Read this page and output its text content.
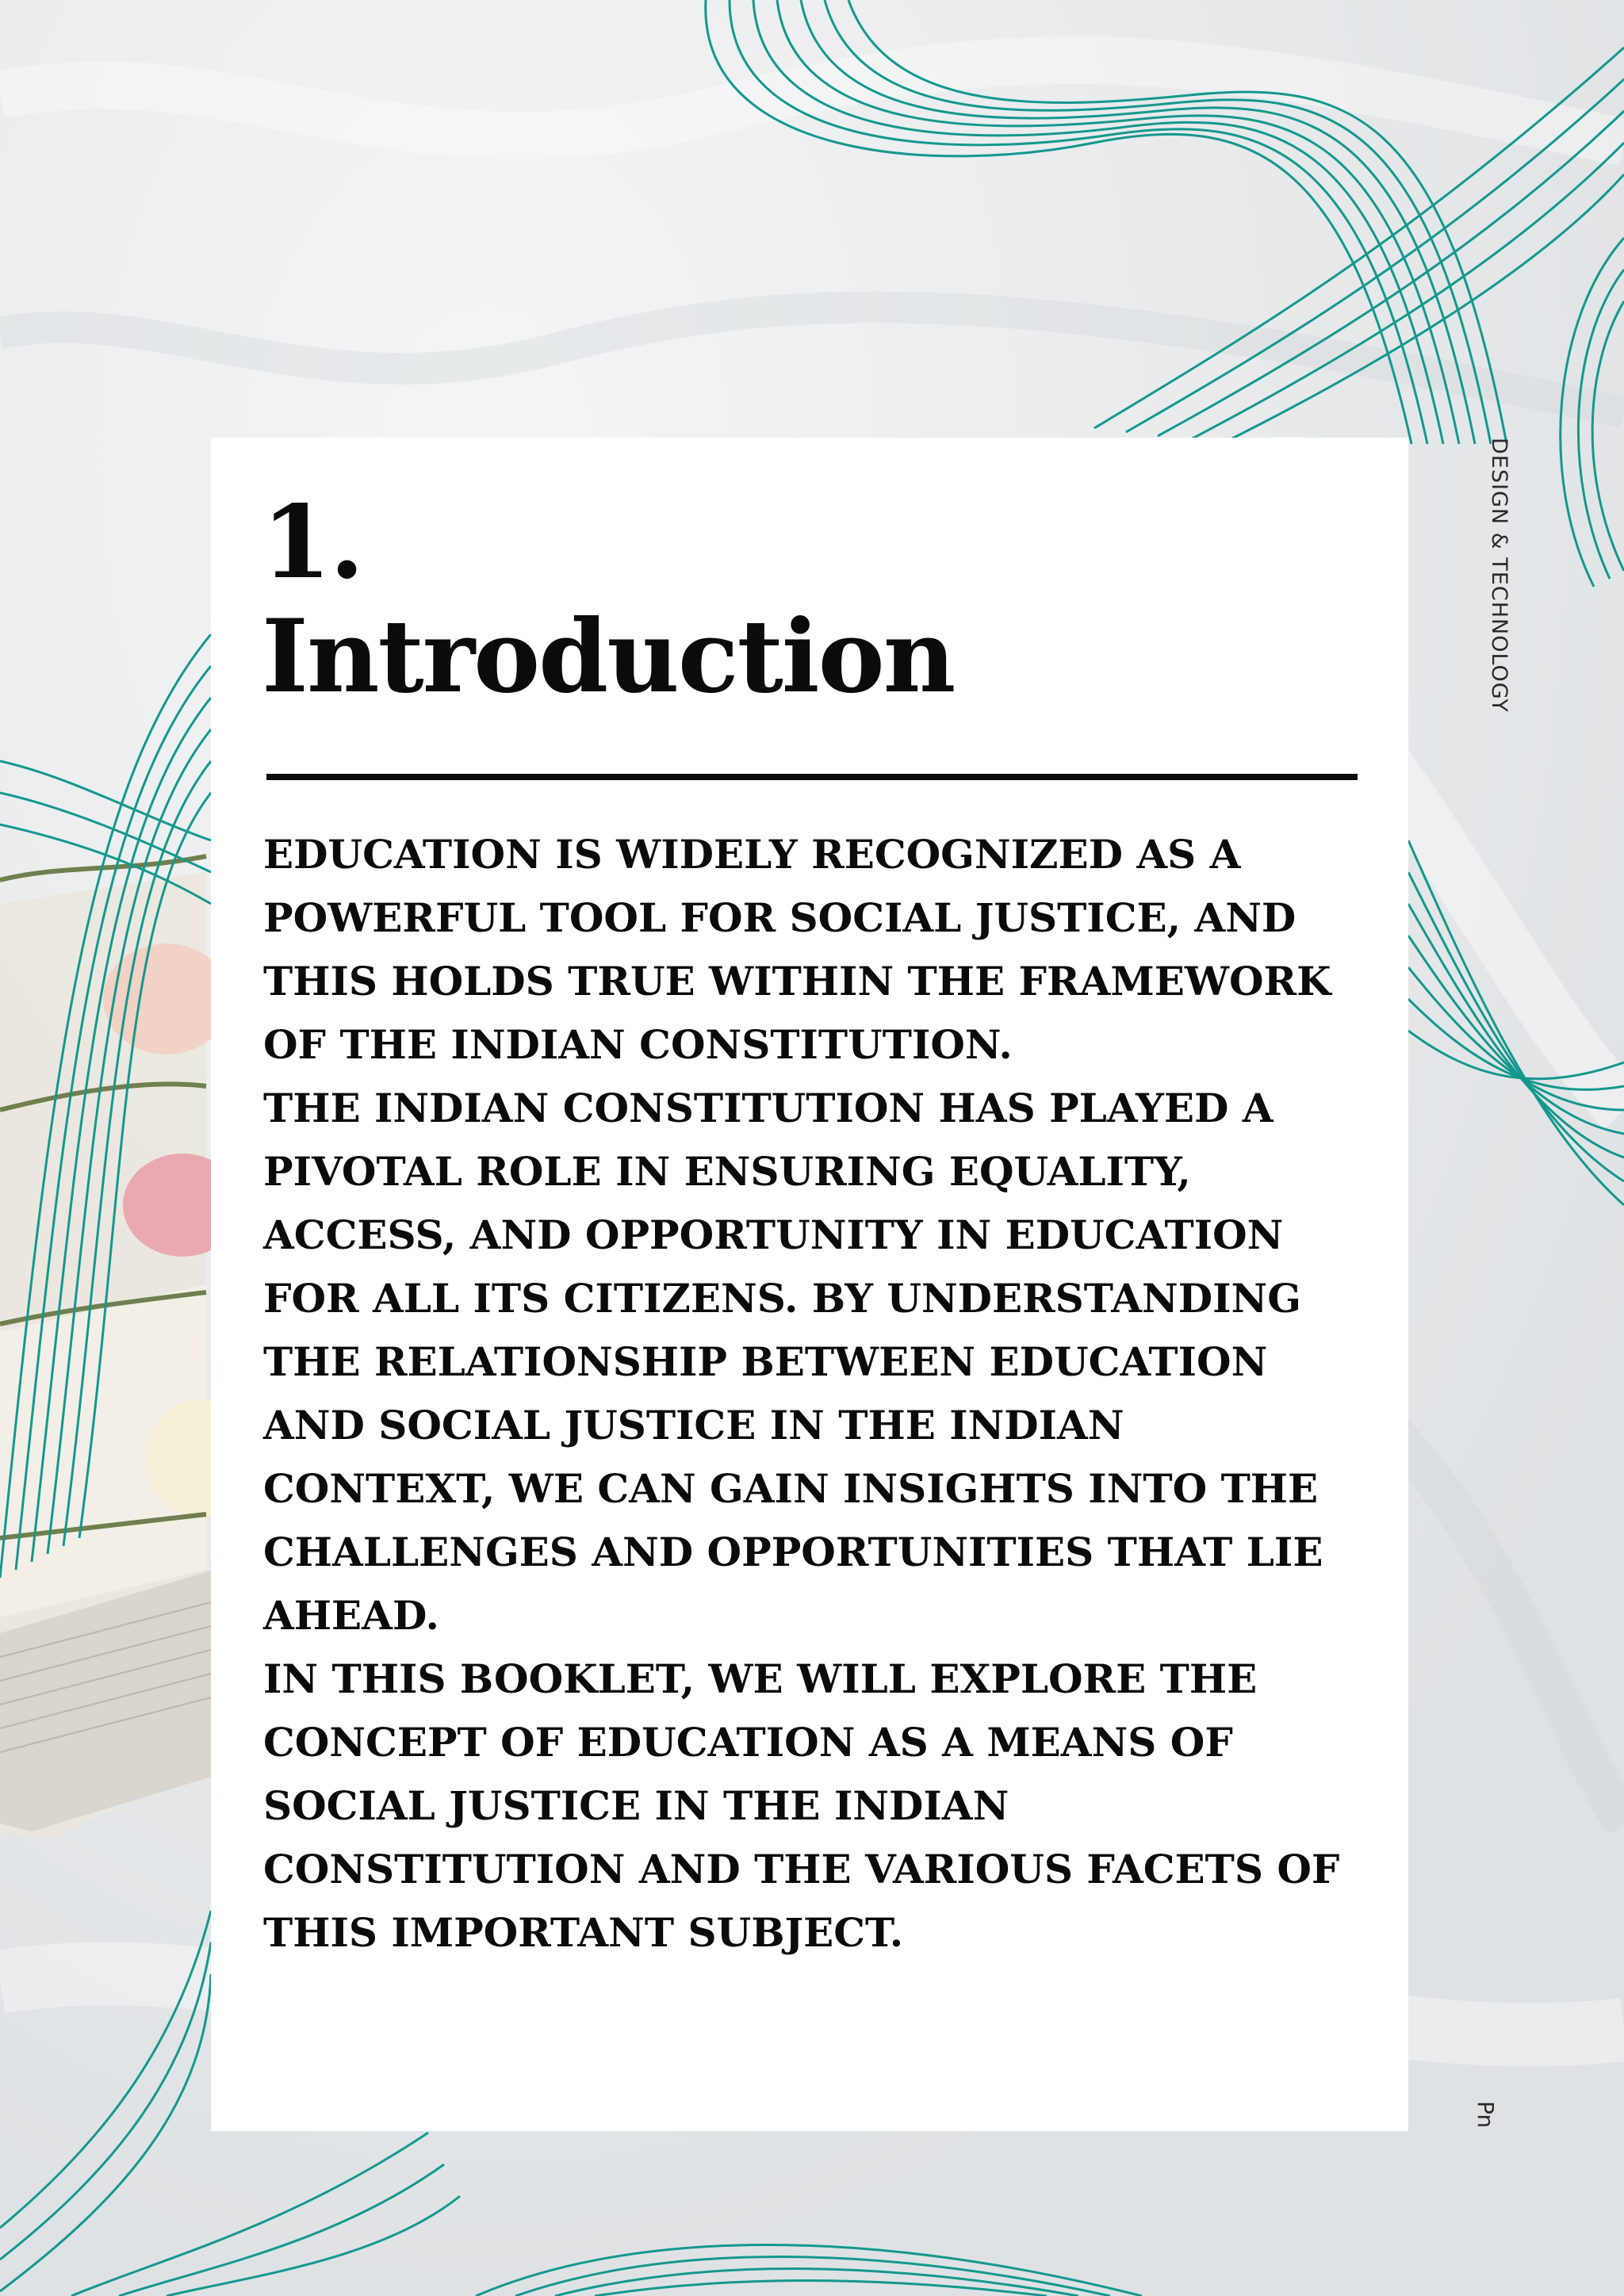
1.
Introduction

EDUCATION IS WIDELY RECOGNIZED AS A POWERFUL TOOL FOR SOCIAL JUSTICE, AND THIS HOLDS TRUE WITHIN THE FRAMEWORK OF THE INDIAN CONSTITUTION.

THE INDIAN CONSTITUTION HAS PLAYED A PIVOTAL ROLE IN ENSURING EQUALITY, ACCESS, AND OPPORTUNITY IN EDUCATION FOR ALL ITS CITIZENS. BY UNDERSTANDING THE RELATIONSHIP BETWEEN EDUCATION AND SOCIAL JUSTICE IN THE INDIAN CONTEXT, WE CAN GAIN INSIGHTS INTO THE CHALLENGES AND OPPORTUNITIES THAT LIE AHEAD.

IN THIS BOOKLET, WE WILL EXPLORE THE CONCEPT OF EDUCATION AS A MEANS OF SOCIAL JUSTICE IN THE INDIAN CONSTITUTION AND THE VARIOUS FACETS OF THIS IMPORTANT SUBJECT.

DESIGN & TECHNOLOGY
Pn
